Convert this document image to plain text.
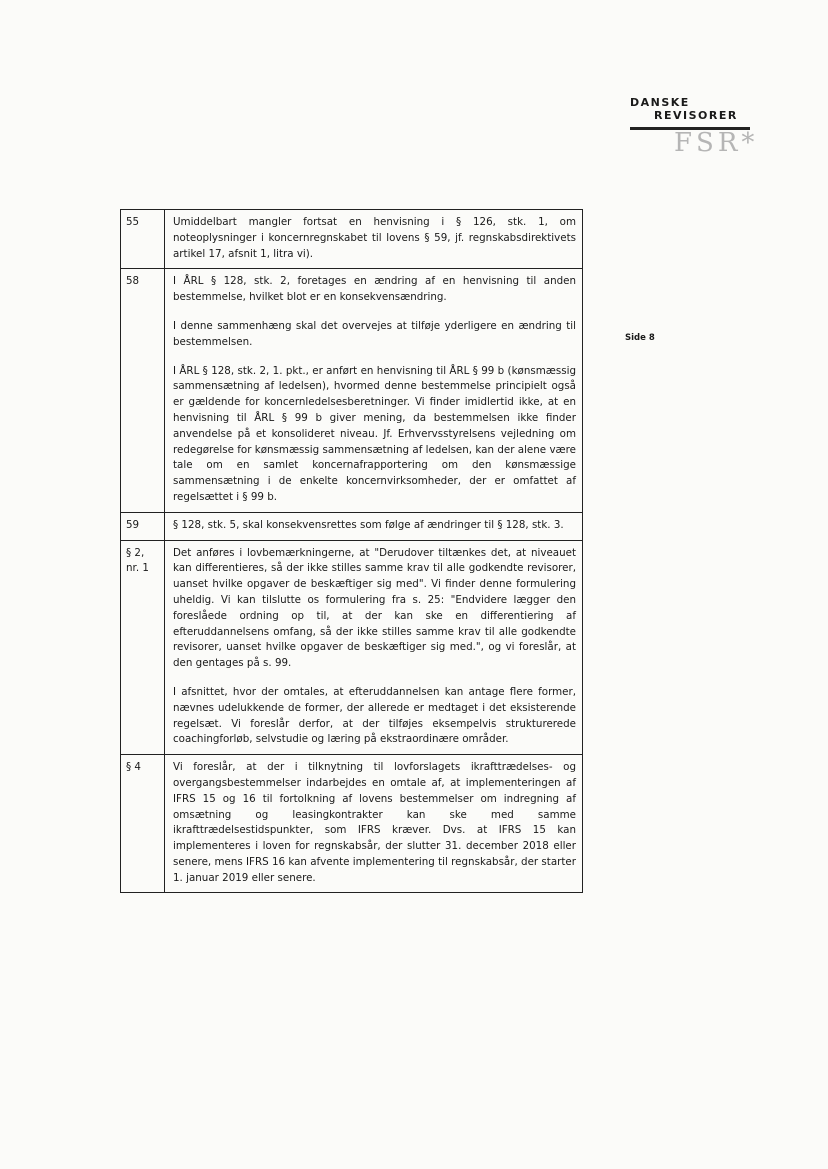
DANSKE
REVISORER
FSR*
Side 8
55	Umiddelbart mangler fortsat en henvisning i § 126, stk. 1, om noteoplysninger i koncernregnskabet til lovens § 59, jf. regnskabsdirektivets artikel 17, afsnit 1, litra vi).

58	I ÅRL § 128, stk. 2, foretages en ændring af en henvisning til anden bestemmelse, hvilket blot er en konsekvensændring.

I denne sammenhæng skal det overvejes at tilføje yderligere en ændring til bestemmelsen.

I ÅRL § 128, stk. 2, 1. pkt., er anført en henvisning til ÅRL § 99 b (kønsmæssig sammensætning af ledelsen), hvormed denne bestemmelse principielt også er gældende for koncernledelsesberetninger. Vi finder imidlertid ikke, at en henvisning til ÅRL § 99 b giver mening, da bestemmelsen ikke finder anvendelse på et konsolideret niveau. Jf. Erhvervsstyrelsens vejledning om redegørelse for kønsmæssig sammensætning af ledelsen, kan der alene være tale om en samlet koncernafrapportering om den kønsmæssige sammensætning i de enkelte koncernvirksomheder, der er omfattet af regelsættet i § 99 b.

59	§ 128, stk. 5, skal konsekvensrettes som følge af ændringer til § 128, stk. 3.

§ 2, nr. 1	Det anføres i lovbemærkningerne, at "Derudover tiltænkes det, at niveauet kan differentieres, så der ikke stilles samme krav til alle godkendte revisorer, uanset hvilke opgaver de beskæftiger sig med". Vi finder denne formulering uheldig. Vi kan tilslutte os formulering fra s. 25: "Endvidere lægger den foreslåede ordning op til, at der kan ske en differentiering af efteruddannelsens omfang, så der ikke stilles samme krav til alle godkendte revisorer, uanset hvilke opgaver de beskæftiger sig med.", og vi foreslår, at den gentages på s. 99.

I afsnittet, hvor der omtales, at efteruddannelsen kan antage flere former, nævnes udelukkende de former, der allerede er medtaget i det eksisterende regelsæt. Vi foreslår derfor, at der tilføjes eksempelvis strukturerede coachingforløb, selvstudie og læring på ekstraordinære områder.

§ 4	Vi foreslår, at der i tilknytning til lovforslagets ikrafttrædelses- og overgangsbestemmelser indarbejdes en omtale af, at implementeringen af IFRS 15 og 16 til fortolkning af lovens bestemmelser om indregning af omsætning og leasingkontrakter kan ske med samme ikrafttrædelsestidspunkter, som IFRS kræver. Dvs. at IFRS 15 kan implementeres i loven for regnskabsår, der slutter 31. december 2018 eller senere, mens IFRS 16 kan afvente implementering til regnskabsår, der starter 1. januar 2019 eller senere.
